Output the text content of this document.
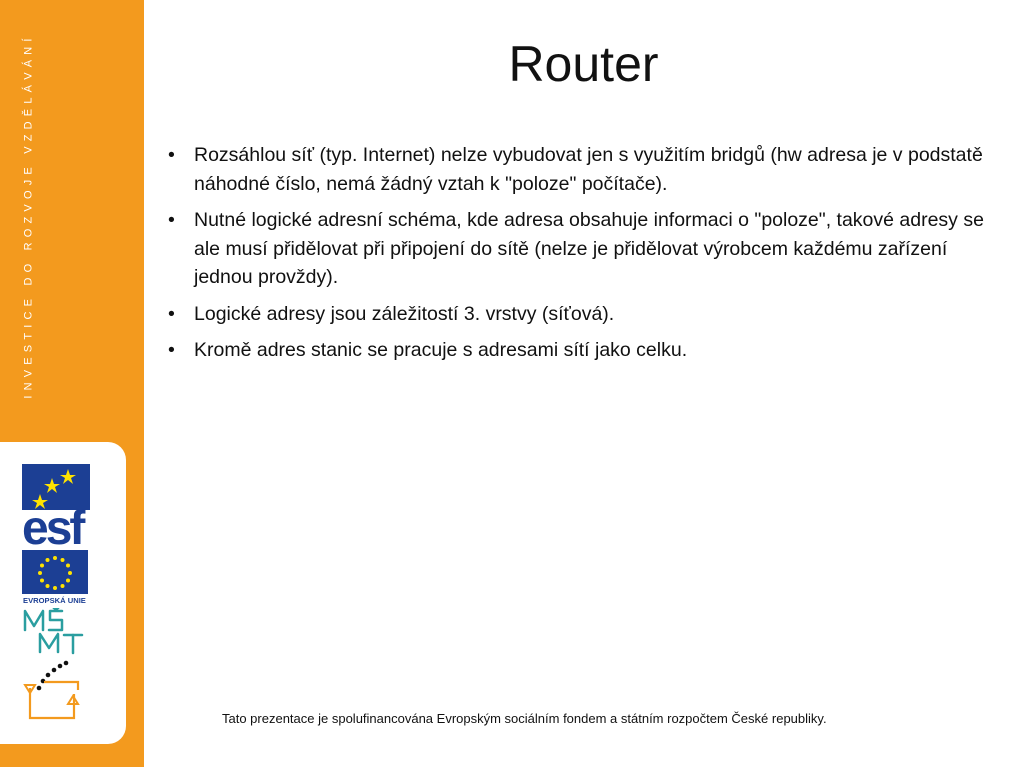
INVESTICE DO ROZVOJE VZDĚLÁVÁNÍ
esf
EVROPSKÁ UNIE
MŠMT
Router
• Rozsáhlou síť (typ. Internet) nelze vybudovat jen s využitím bridgů (hw adresa je v podstatě náhodné číslo, nemá žádný vztah k "poloze" počítače).
• Nutné logické adresní schéma, kde adresa obsahuje informaci o "poloze", takové adresy se ale musí přidělovat při připojení do sítě (nelze je přidělovat výrobcem každému zařízení jednou provždy).
• Logické adresy jsou záležitostí 3. vrstvy (síťová).
• Kromě adres stanic se pracuje s adresami sítí jako celku.
Tato prezentace je spolufinancována Evropským sociálním fondem a státním rozpočtem České republiky.
